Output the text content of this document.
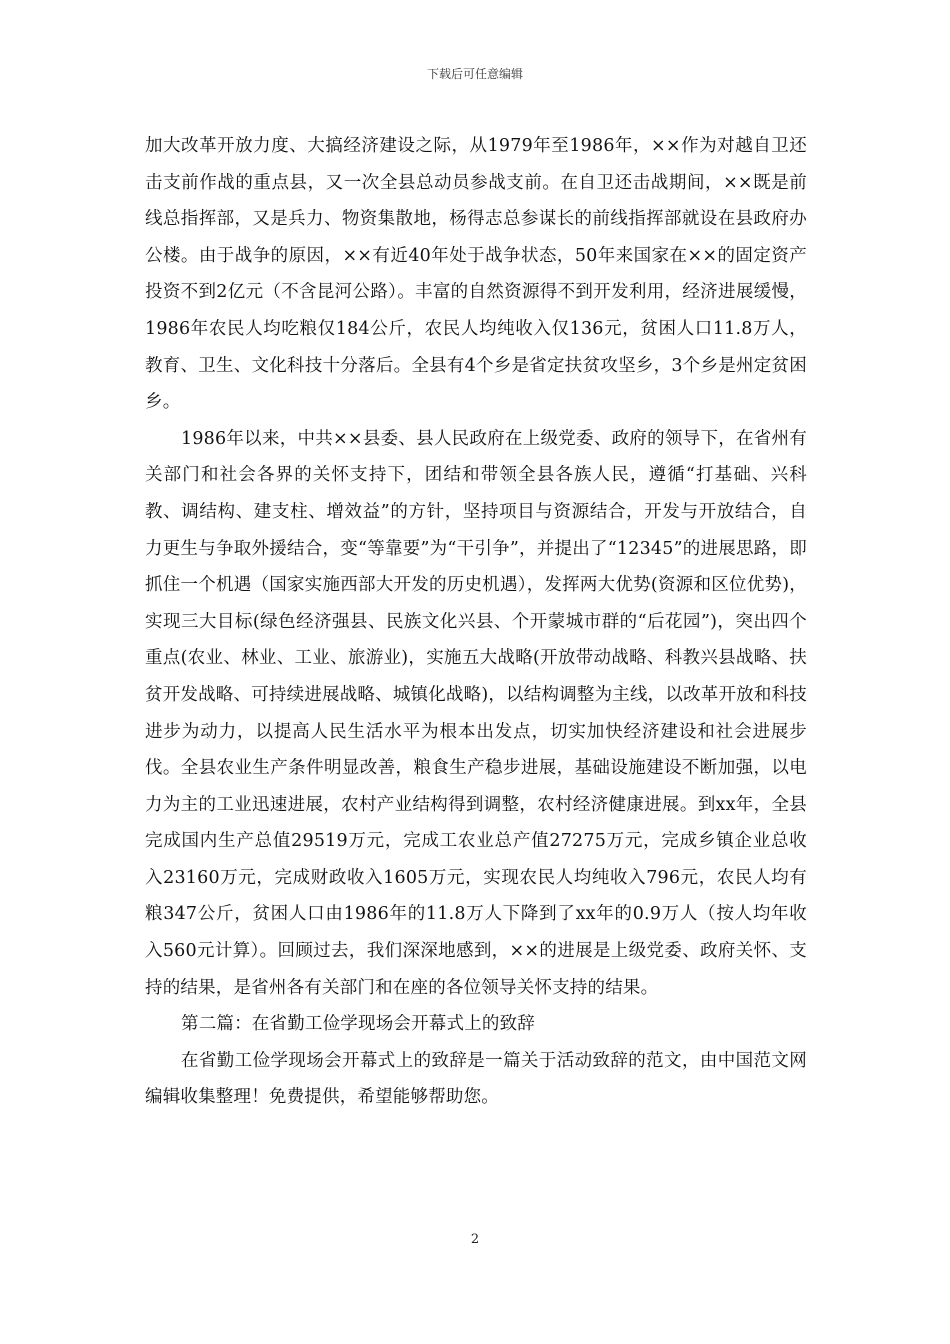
下载后可任意编辑

加大改革开放力度、大搞经济建设之际，从1979年至1986年，××作为对越自卫还击支前作战的重点县，又一次全县总动员参战支前。在自卫还击战期间，××既是前线总指挥部，又是兵力、物资集散地，杨得志总参谋长的前线指挥部就设在县政府办公楼。由于战争的原因，××有近40年处于战争状态，50年来国家在××的固定资产投资不到2亿元（不含昆河公路）。丰富的自然资源得不到开发利用，经济进展缓慢，1986年农民人均吃粮仅184公斤，农民人均纯收入仅136元，贫困人口11.8万人，教育、卫生、文化科技十分落后。全县有4个乡是省定扶贫攻坚乡，3个乡是州定贫困乡。

1986年以来，中共××县委、县人民政府在上级党委、政府的领导下，在省州有关部门和社会各界的关怀支持下，团结和带领全县各族人民，遵循“打基础、兴科教、调结构、建支柱、增效益”的方针，坚持项目与资源结合，开发与开放结合，自力更生与争取外援结合，变“等靠要”为“干引争”，并提出了“12345”的进展思路，即抓住一个机遇（国家实施西部大开发的历史机遇），发挥两大优势(资源和区位优势)，实现三大目标(绿色经济强县、民族文化兴县、个开蒙城市群的“后花园”)，突出四个重点(农业、林业、工业、旅游业)，实施五大战略(开放带动战略、科教兴县战略、扶贫开发战略、可持续进展战略、城镇化战略)，以结构调整为主线，以改革开放和科技进步为动力，以提高人民生活水平为根本出发点，切实加快经济建设和社会进展步伐。全县农业生产条件明显改善，粮食生产稳步进展，基础设施建设不断加强，以电力为主的工业迅速进展，农村产业结构得到调整，农村经济健康进展。到xx年，全县完成国内生产总值29519万元，完成工农业总产值27275万元，完成乡镇企业总收入23160万元，完成财政收入1605万元，实现农民人均纯收入796元，农民人均有粮347公斤，贫困人口由1986年的11.8万人下降到了xx年的0.9万人（按人均年收入560元计算）。回顾过去，我们深深地感到，××的进展是上级党委、政府关怀、支持的结果，是省州各有关部门和在座的各位领导关怀支持的结果。

第二篇：在省勤工俭学现场会开幕式上的致辞

在省勤工俭学现场会开幕式上的致辞是一篇关于活动致辞的范文，由中国范文网编辑收集整理！免费提供，希望能够帮助您。

2
